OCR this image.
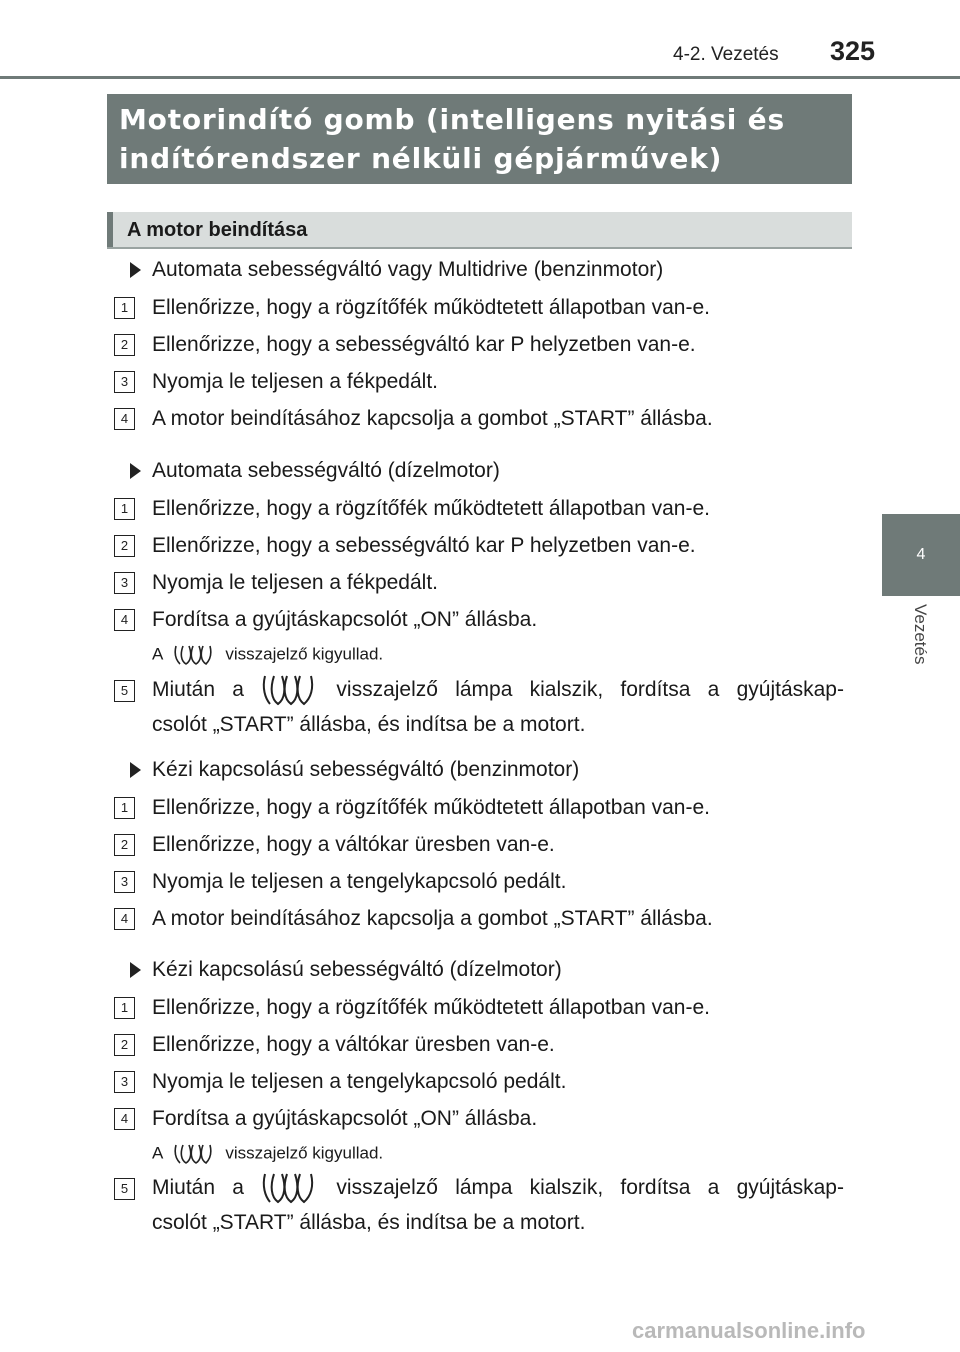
4-2. Vezetés 325
Motorindító gomb (intelligens nyitási és
indítórendszer nélküli gépjárművek)
A motor beindítása
4
Vezetés
Automata sebességváltó vagy Multidrive (benzinmotor)
1	Ellenőrizze, hogy a rögzítőfék működtetett állapotban van-e.
2	Ellenőrizze, hogy a sebességváltó kar P helyzetben van-e.
3	Nyomja le teljesen a fékpedált.
4	A motor beindításához kapcsolja a gombot „START” állásba.
Automata sebességváltó (dízelmotor)
1	Ellenőrizze, hogy a rögzítőfék működtetett állapotban van-e.
2	Ellenőrizze, hogy a sebességváltó kar P helyzetben van-e.
3	Nyomja le teljesen a fékpedált.
4	Fordítsa a gyújtáskapcsolót „ON” állásba.
A	visszajelző kigyullad.
5	Miután a	visszajelző lámpa kialszik, fordítsa a gyújtáskap-
csolót „START” állásba, és indítsa be a motort.
Kézi kapcsolású sebességváltó (benzinmotor)
1	Ellenőrizze, hogy a rögzítőfék működtetett állapotban van-e.
2	Ellenőrizze, hogy a váltókar üresben van-e.
3	Nyomja le teljesen a tengelykapcsoló pedált.
4	A motor beindításához kapcsolja a gombot „START” állásba.
Kézi kapcsolású sebességváltó (dízelmotor)
1	Ellenőrizze, hogy a rögzítőfék működtetett állapotban van-e.
2	Ellenőrizze, hogy a váltókar üresben van-e.
3	Nyomja le teljesen a tengelykapcsoló pedált.
4	Fordítsa a gyújtáskapcsolót „ON” állásba.
A	visszajelző kigyullad.
5	Miután a	visszajelző lámpa kialszik, fordítsa a gyújtáskap-
csolót „START” állásba, és indítsa be a motort.
carmanualsonline.info
